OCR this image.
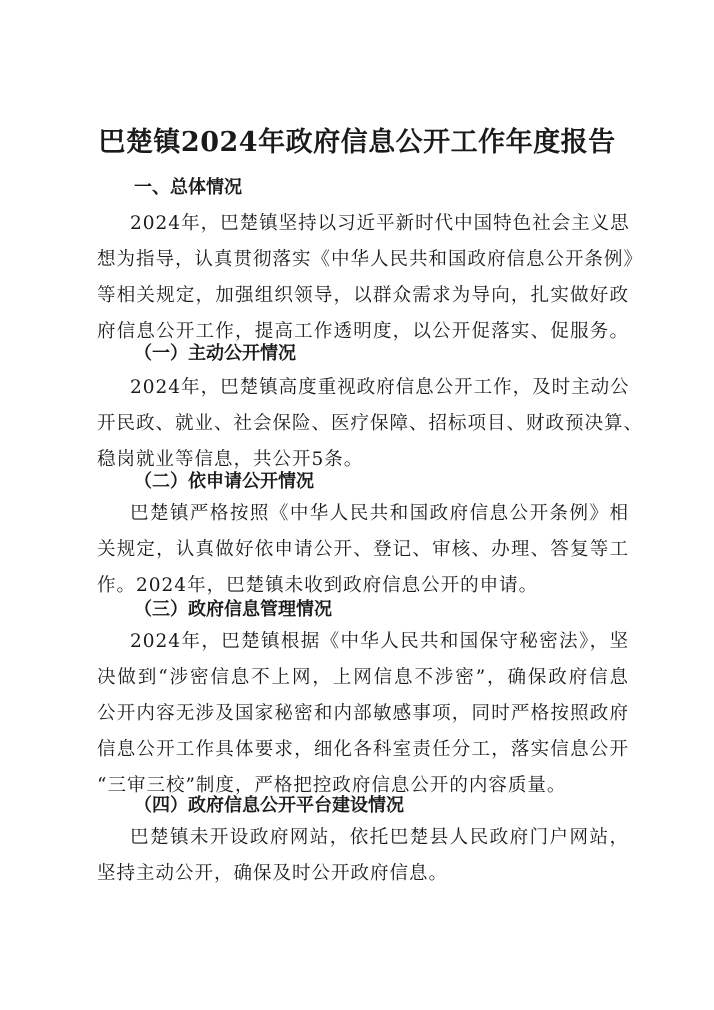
巴楚镇2024年政府信息公开工作年度报告
一、总体情况
2024年，巴楚镇坚持以习近平新时代中国特色社会主义思
想为指导，认真贯彻落实《中华人民共和国政府信息公开条例》
等相关规定，加强组织领导，以群众需求为导向，扎实做好政
府信息公开工作，提高工作透明度，以公开促落实、促服务。
（一）主动公开情况
2024年，巴楚镇高度重视政府信息公开工作，及时主动公
开民政、就业、社会保险、医疗保障、招标项目、财政预决算、
稳岗就业等信息，共公开5条。
（二）依申请公开情况
巴楚镇严格按照《中华人民共和国政府信息公开条例》相
关规定，认真做好依申请公开、登记、审核、办理、答复等工
作。2024年，巴楚镇未收到政府信息公开的申请。
（三）政府信息管理情况
2024年，巴楚镇根据《中华人民共和国保守秘密法》，坚
决做到“涉密信息不上网，上网信息不涉密”，确保政府信息
公开内容无涉及国家秘密和内部敏感事项，同时严格按照政府
信息公开工作具体要求，细化各科室责任分工，落实信息公开
“三审三校”制度，严格把控政府信息公开的内容质量。
（四）政府信息公开平台建设情况
巴楚镇未开设政府网站，依托巴楚县人民政府门户网站，
坚持主动公开，确保及时公开政府信息。
